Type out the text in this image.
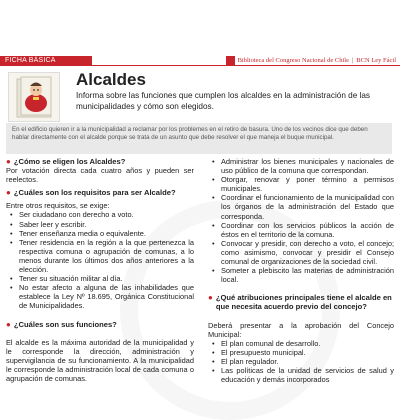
FICHA BÁSICA	Biblioteca del Congreso Nacional de Chile | BCN Ley Fácil
Alcaldes
Informa sobre las funciones que cumplen los alcaldes en la administración de las municipalidades y cómo son elegidos.
En el edificio quieren ir a la municipalidad a reclamar por los problemes en el retiro de basura. Uno de los vecinos dice que deben hablar directamente con el alcalde porque se trata de un asunto que debe resolver el que maneja el buque municipal.

● ¿Cómo se eligen los Alcaldes?

Por votación directa cada cuatro años y pueden ser reelectos.

● ¿Cuáles son los requisitos para ser Alcalde?

Entre otros requisitos, se exige:

• Ser ciudadano con derecho a voto.
• Saber leer y escribir.
• Tener enseñanza media o equivalente.
• Tener residencia en la región a la que pertenezca la respectiva comuna o agrupación de comunas, a lo menos durante los últimos dos años anteriores a la elección.
• Tener su situación militar al día.
• No estar afecto a alguna de las inhabilidades que establece la Ley Nº 18.695, Orgánica Constitucional de Municipalidades.

● ¿Cuáles son sus funciones?

El alcalde es la máxima autoridad de la municipalidad y le corresponde la dirección, administración y supervigilancia de su funcionamiento. A la municipalidad le corresponde la administración local de cada comuna o agrupación de comunas.

• Administrar los bienes municipales y nacionales de uso público de la comuna que correspondan.
• Otorgar, renovar y poner término a permisos municipales.
• Coordinar el funcionamiento de la municipalidad con los órganos de la administración del Estado que corresponda.
• Coordinar con los servicios públicos la acción de éstos en el territorio de la comuna.
• Convocar y presidir, con derecho a voto, el concejo; como asimismo, convocar y presidir el Consejo comunal de organizaciones de la sociedad civil.
• Someter a plebiscito las materias de administración local.

● ¿Qué atribuciones principales tiene el alcalde en que necesita acuerdo previo del concejo?

Deberá presentar a la aprobación del Concejo Municipal:

• El plan comunal de desarrollo.
• El presupuesto municipal.
• El plan regulador.
• Las políticas de la unidad de servicios de salud y educación y demás incorporados
